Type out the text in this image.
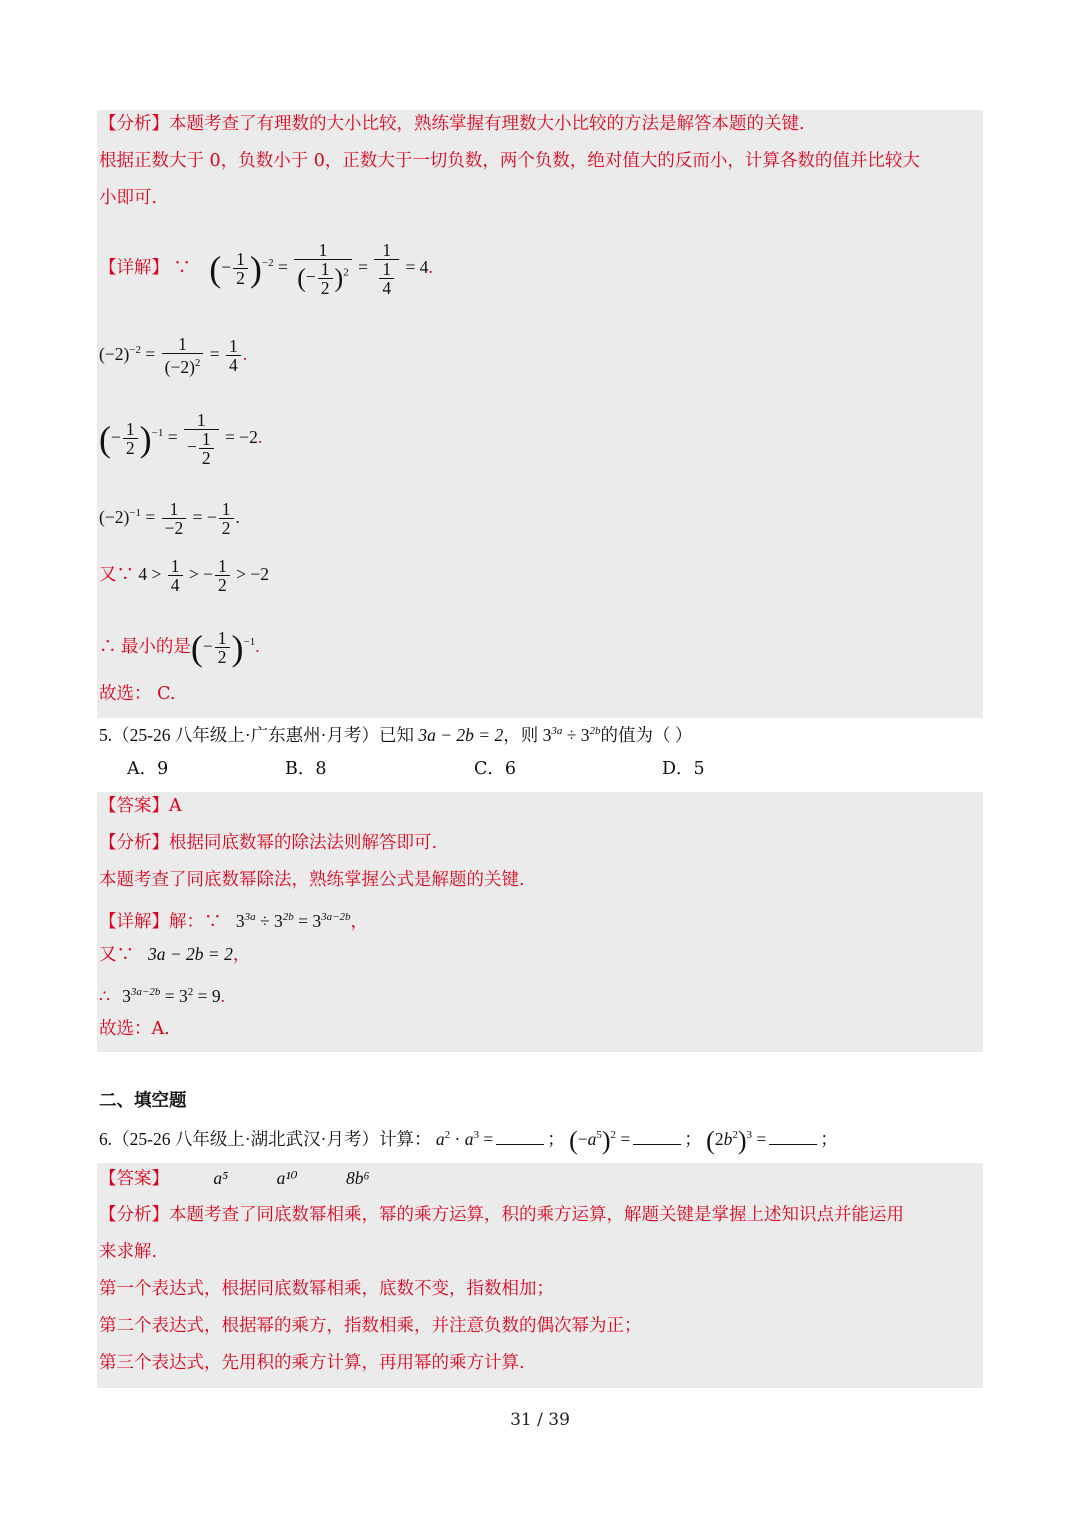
【分析】本题考查了有理数的大小比较，熟练掌握有理数大小比较的方法是解答本题的关键.
根据正数大于 0，负数小于 0，正数大于一切负数，两个负数，绝对值大的反而小，计算各数的值并比较大
小即可.
【详解】 ∵ (− $\frac{1}{2} )^{-2} = \frac{1}{(- \frac{1}{2} )^2} = \frac{1}{\frac{1}{4}} = 4$.
$(-2)^{-2} = \frac{1}{(-2)^2} = \frac{1}{4}$ .
(− $\frac{1}{2} )^{-1} = \frac{1}{- \frac{1}{2}} = -2$.
$(-2)^{-1} = \frac{1}{-2}$ = − $\frac{1}{2}$ .
又∵ $4 > \frac{1}{4}$ > − $\frac{1}{2} > -2$
∴ 最小的是(− $\frac{1}{2} )^{-1}$.
故选： C.
5.（25-26 八年级上·广东惠州·月考）已知 3a − 2b = 2，则 $3^{3a} \div 3^{2b}$的值为（ ）
A．9	B．8	C．6	D．5
【答案】A
【分析】根据同底数幂的除法法则解答即可.
本题考查了同底数幂除法，熟练掌握公式是解题的关键.
【详解】解：∵ $3^{3a} \div 3^{2b} = 3^{3a-2b}$，
又∵ 3a − 2b = 2，
∴ $3^{3a-2b} = 3^2 = 9$.
故选：A.
二、填空题
6.（25-26 八年级上·湖北武汉·月考）计算： $a^2 \cdot a^3$ =	； $(-a^5)^2$ =	； $(2b^2)^3$ =	；
【答案】	a⁵	a¹⁰	8b⁶
【分析】本题考查了同底数幂相乘，幂的乘方运算，积的乘方运算，解题关键是掌握上述知识点并能运用
来求解.
第一个表达式，根据同底数幂相乘，底数不变，指数相加；
第二个表达式，根据幂的乘方，指数相乘，并注意负数的偶次幂为正；
第三个表达式，先用积的乘方计算，再用幂的乘方计算.
31 / 39
